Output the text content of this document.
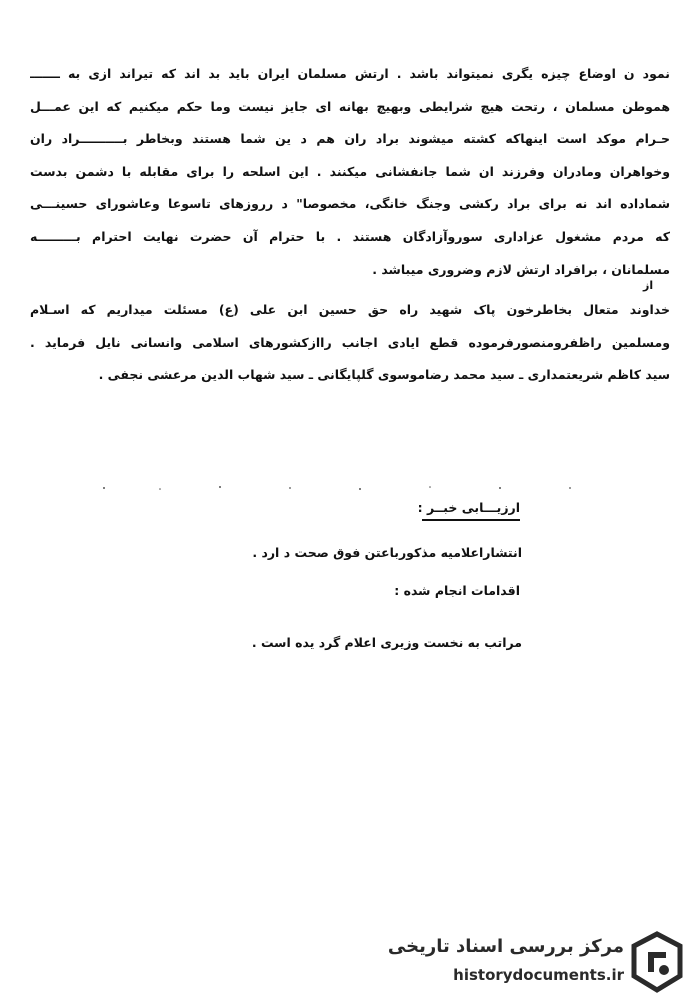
نمود ن اوضاع چیزه یگری نمیتواند باشد . ارتش مسلمان ایران باید بد اند که تیراند ازی به ـــــــ
هموطن مسلمان ، رتحت هیچ شرایطی وبهیچ بهانه ای جایز نیست وما حکم میکنیم که این عمـــل
حـرام موکد است اینهاکه کشته میشوند براد ران هم د ین شما هستند وبخاطر بــــــــــراد ران
وخواهران ومادران وفرزند ان شما جانفشانی میکنند . این اسلحه را برای مقابله با دشمن بدست
شماداده اند نه برای براد رکشی وجنگ خانگی، مخصوصا" د رروزهای تاسوعا وعاشورای حسینـــی
که مردم مشغول عزاداری سوروآزادگان هستند . با حترام آن حضرت نهایت احترام بـــــــــه
مسلمانان ، برافراد ارتش لازم وضروری میباشد .
خداوند متعال بخاطرخون پاک شهید راه حق حسین ابن علی (ع) مسئلت میداریم که اسـلام
ومسلمین راظفرومنصورفرموده قطع ایادی اجانب راازکشورهای اسلامی وانسانی نایل فرماید .
سید کاظم شریعتمداری ـ سید محمد رضاموسوی گلپایگانی ـ سید شهاب الدین مرعشی نجفی .
از
ارزیـــابی خبــر :
انتشاراعلامیه مذکورباعتن فوق صحت د ارد .
اقدامات انجام شده :
مراتب به نخست وزیری اعلام گرد یده است .
مرکز بررسی اسناد تاریخی
historydocuments.ir
